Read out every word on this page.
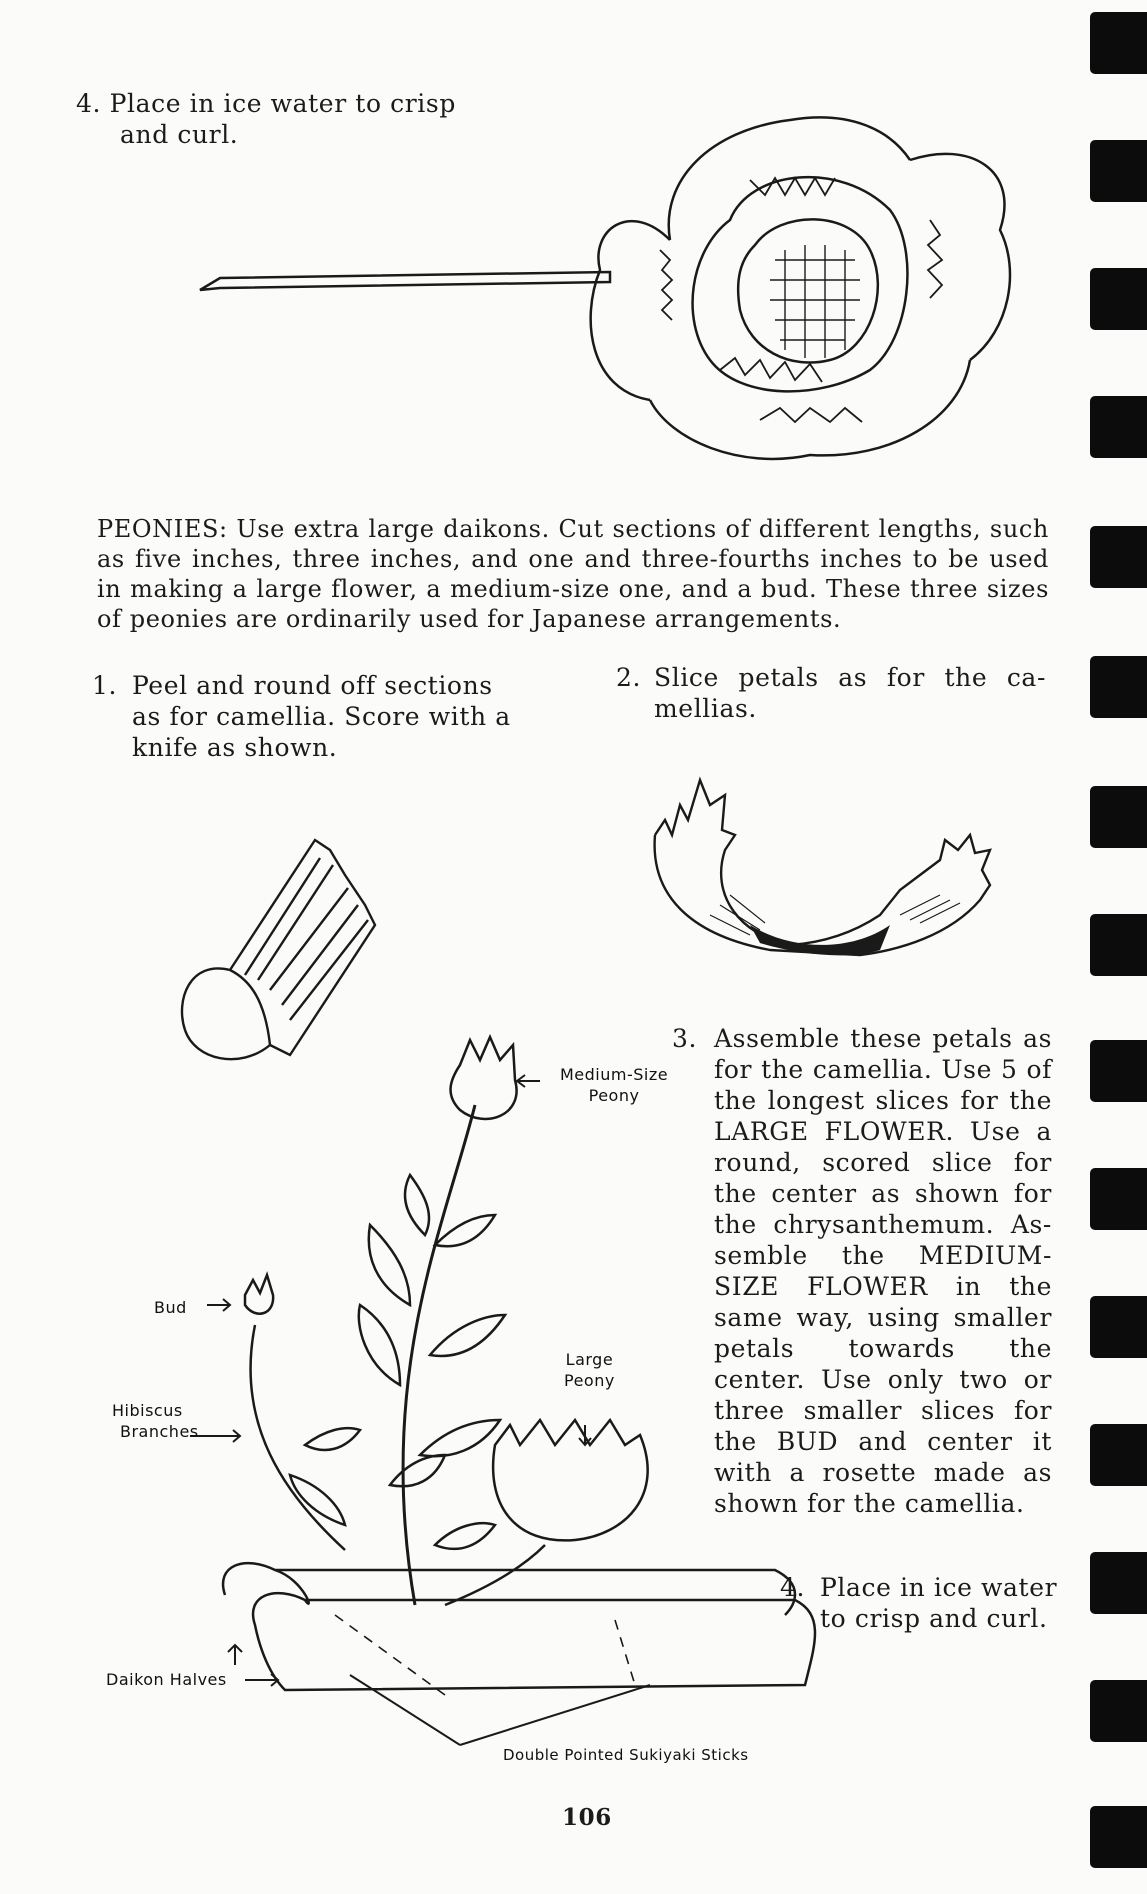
4. Place in ice water to crisp
and curl.
PEONIES: Use extra large daikons. Cut sections of different lengths, such as five inches, three inches, and one and three-fourths inches to be used in making a large flower, a medium-size one, and a bud. These three sizes of peonies are ordinarily used for Japanese arrangements.
1. Peel and round off sections as for camellia. Score with a knife as shown.
2. Slice petals as for the ca-mellias.
3. Assemble these petals as for the camellia. Use 5 of the longest slices for the LARGE FLOWER. Use a round, scored slice for the center as shown for the chrysanthemum. As-semble the MEDIUM-SIZE FLOWER in the same way, using smaller petals towards the center. Use only two or three smaller slices for the BUD and center it with a rosette made as shown for the camellia.
Medium-Size
Peony
Bud
Large
Peony
Hibiscus
Branches
Daikon Halves
Double Pointed Sukiyaki Sticks
4. Place in ice water to crisp and curl.
106
